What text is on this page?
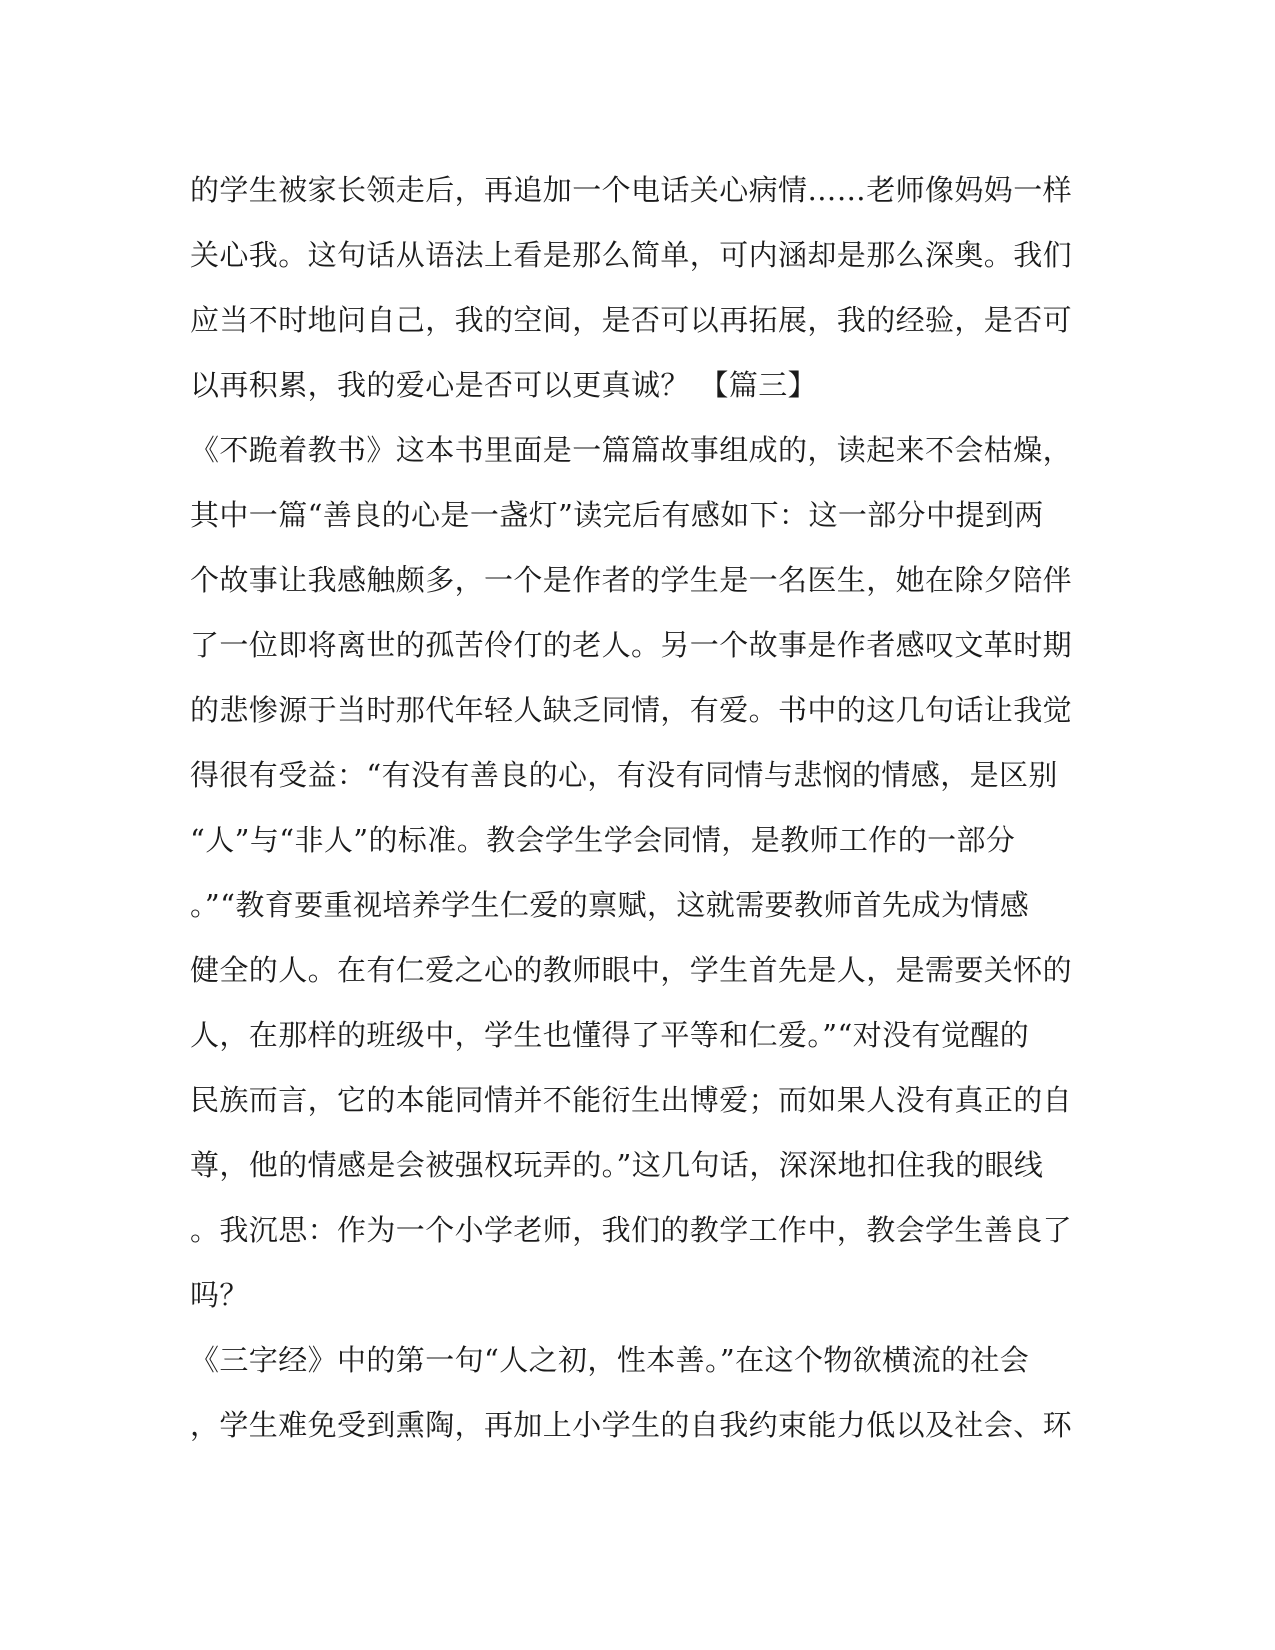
的学生被家长领走后，再追加一个电话关心病情……老师像妈妈一样
关心我。这句话从语法上看是那么简单，可内涵却是那么深奥。我们
应当不时地问自己，我的空间，是否可以再拓展，我的经验，是否可
以再积累，我的爱心是否可以更真诚？ 【篇三】
《不跪着教书》这本书里面是一篇篇故事组成的，读起来不会枯燥，
其中一篇“善良的心是一盏灯”读完后有感如下：这一部分中提到两
个故事让我感触颇多，一个是作者的学生是一名医生，她在除夕陪伴
了一位即将离世的孤苦伶仃的老人。另一个故事是作者感叹文革时期
的悲惨源于当时那代年轻人缺乏同情，有爱。书中的这几句话让我觉
得很有受益：“有没有善良的心，有没有同情与悲悯的情感，是区别
“人”与“非人”的标准。教会学生学会同情，是教师工作的一部分
。”“教育要重视培养学生仁爱的禀赋，这就需要教师首先成为情感
健全的人。在有仁爱之心的教师眼中，学生首先是人，是需要关怀的
人，在那样的班级中，学生也懂得了平等和仁爱。”“对没有觉醒的
民族而言，它的本能同情并不能衍生出博爱；而如果人没有真正的自
尊，他的情感是会被强权玩弄的。”这几句话，深深地扣住我的眼线
。我沉思：作为一个小学老师，我们的教学工作中，教会学生善良了
吗？
《三字经》中的第一句“人之初，性本善。”在这个物欲横流的社会
，学生难免受到熏陶，再加上小学生的自我约束能力低以及社会、环
